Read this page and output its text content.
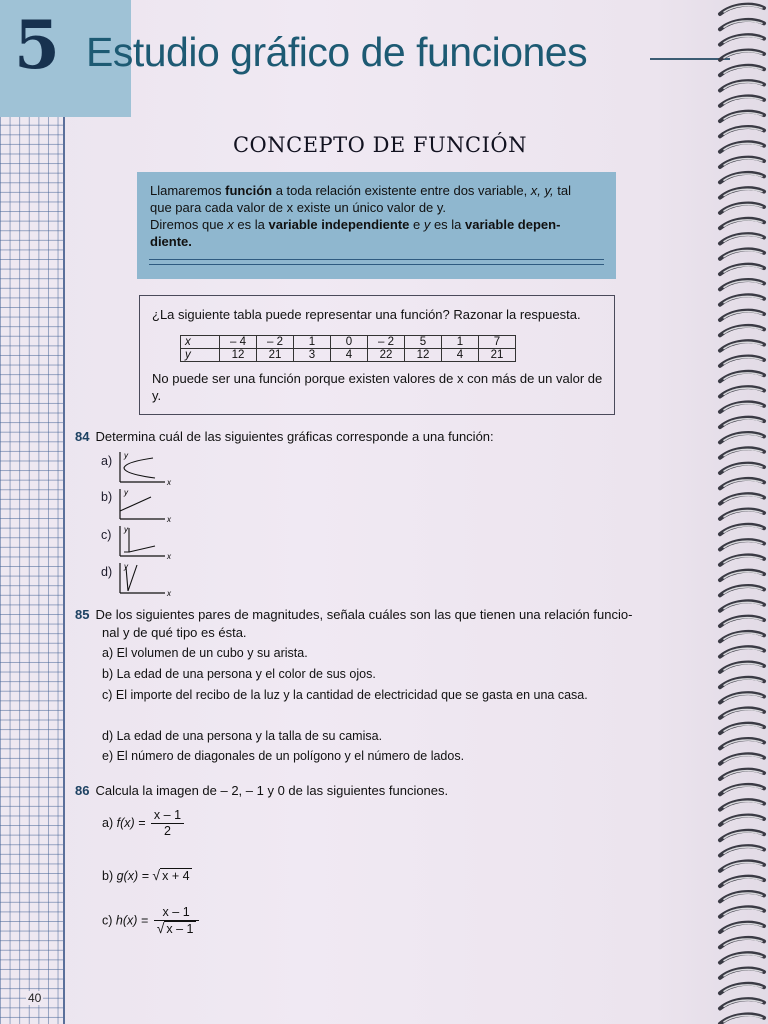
5 Estudio gráfico de funciones
CONCEPTO DE FUNCIÓN

Llamaremos función a toda relación existente entre dos variable, x, y, tal

que para cada valor de x existe un único valor de y.

Diremos que x es la variable independiente e y es la variable depen-

diente.

¿La siguiente tabla puede representar una función? Razonar la respuesta.
x	– 4	– 2	1	0	– 2	5	1	7
y	12	21	3	4	22	12	4	21
No puede ser una función porque existen valores de x con más de un valor de y.
84 Determina cuál de las siguientes gráficas corresponde a una función:
a) y
x
b) y
x
c) y
x
d) y
x
85 De los siguientes pares de magnitudes, señala cuáles son las que tienen una relación funcio-
nal y de qué tipo es ésta.
a) El volumen de un cubo y su arista.
b) La edad de una persona y el color de sus ojos.
c) El importe del recibo de la luz y la cantidad de electricidad que se gasta en una casa.
d) La edad de una persona y la talla de su camisa.
e) El número de diagonales de un polígono y el número de lados.
86 Calcula la imagen de – 2, – 1 y 0 de las siguientes funciones.
a) $f(x) = \frac{x - 1}{2}$
b) g(x) = √ x + 4
c) $h(x) = \frac{x - 1}{√ x - 1}$
40
